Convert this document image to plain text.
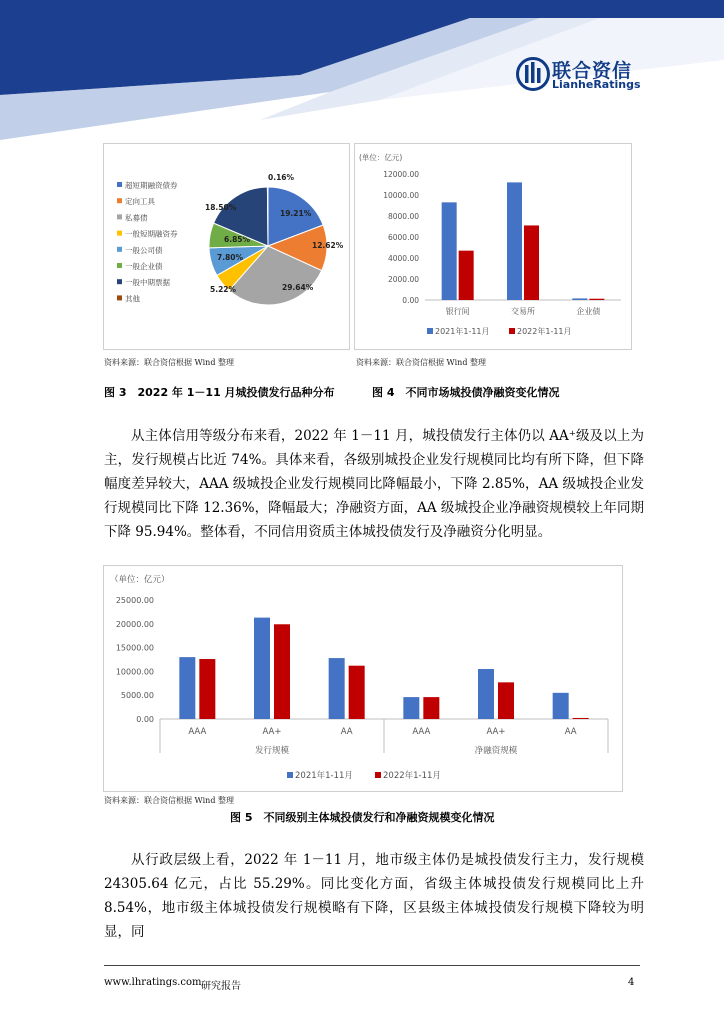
联合资信
LianheRatings
19.21%
12.62%
29.64%
5.22%
7.80%
6.85%
18.50%
0.16%
超短期融资债券
定向工具
私募债
一般短期融资券
一般公司债
一般企业债
一般中期票据
其他
资料来源：联合资信根据 Wind 整理
图 3　2022 年 1－11 月城投债发行品种分布
(单位：亿元)
0.00
2000.00
4000.00
6000.00
8000.00
10000.00
12000.00
银行间	交易所	企业债
2021年1-11月	2022年1-11月
资料来源：联合资信根据 Wind 整理
图 4　不同市场城投债净融资变化情况
从主体信用等级分布来看，2022 年 1－11 月，城投债发行主体仍以 AA⁺级及以上为主，发行规模占比近 74%。具体来看，各级别城投企业发行规模同比均有所下降，但下降幅度差异较大，AAA 级城投企业发行规模同比降幅最小，下降 2.85%，AA 级城投企业发行规模同比下降 12.36%，降幅最大；净融资方面，AA 级城投企业净融资规模较上年同期下降 95.94%。整体看，不同信用资质主体城投债发行及净融资分化明显。
（单位：亿元）
0.00
5000.00
10000.00
15000.00
20000.00
25000.00
AAA	AA+	AA	AAA	AA+	AA
发行规模	净融资规模
2021年1-11月	2022年1-11月
资料来源：联合资信根据 Wind 整理
图 5　不同级别主体城投债发行和净融资规模变化情况
从行政层级上看，2022 年 1－11 月，地市级主体仍是城投债发行主力，发行规模 24305.64 亿元，占比 55.29%。同比变化方面，省级主体城投债发行规模同比上升 8.54%，地市级主体城投债发行规模略有下降，区县级主体城投债发行规模下降较为明显，同
www.lhratings.com 研究报告	4
